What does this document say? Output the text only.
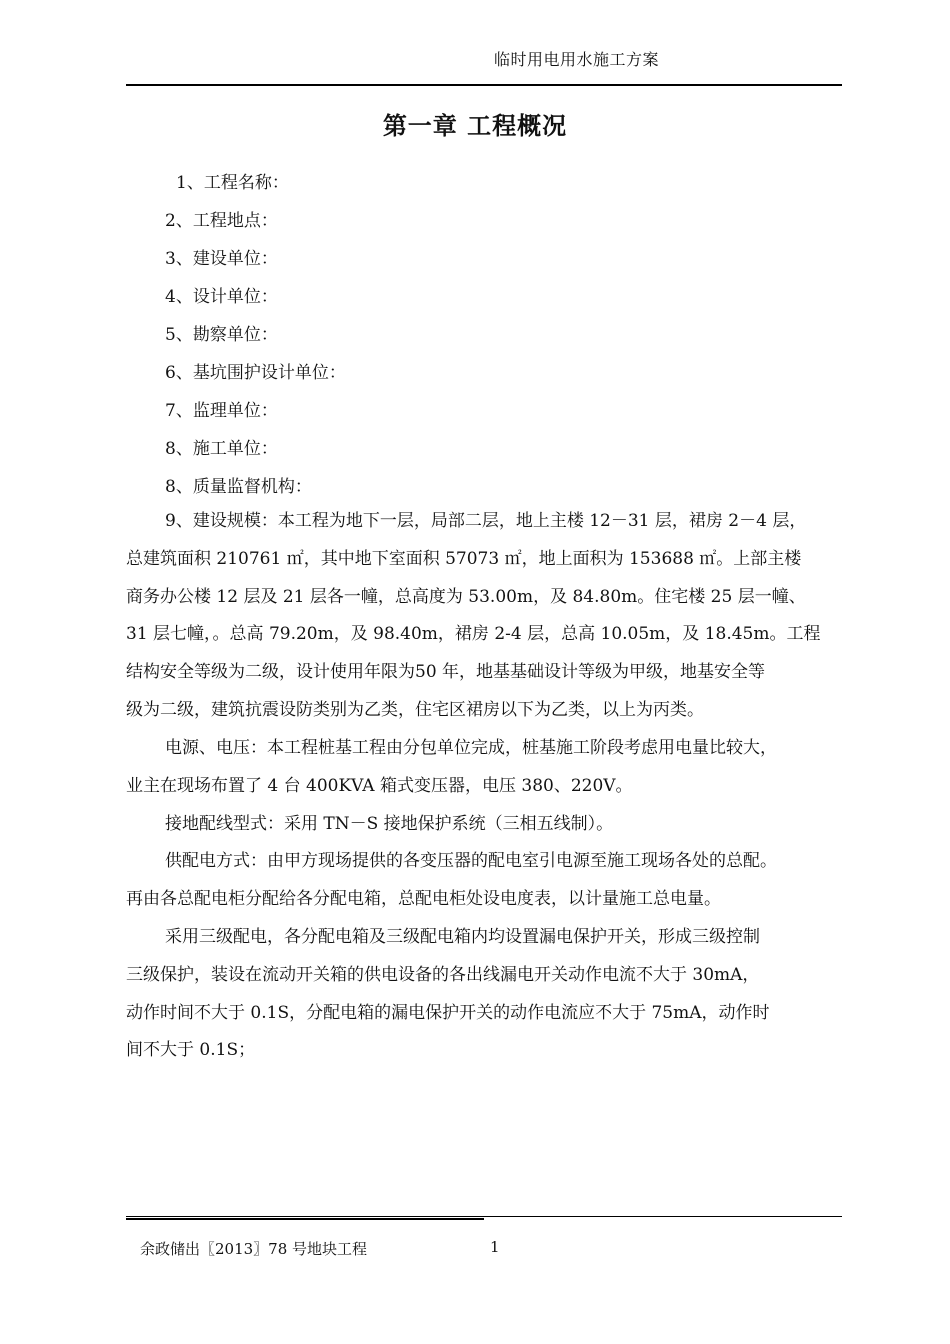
临时用电用水施工方案
第一章 工程概况
1、工程名称：
2、工程地点：
3、建设单位：
4、设计单位：
5、勘察单位：
6、基坑围护设计单位：
7、监理单位：
8、施工单位：
8、质量监督机构：
9、建设规模：本工程为地下一层，局部二层，地上主楼 12－31 层，裙房 2－4 层，
总建筑面积 210761 ㎡，其中地下室面积 57073 ㎡，地上面积为 153688 ㎡。上部主楼
商务办公楼 12 层及 21 层各一幢，总高度为 53.00m，及 84.80m。住宅楼 25 层一幢、
31 层七幢，。总高 79.20m，及 98.40m，裙房 2-4 层，总高 10.05m，及 18.45m。工程
结构安全等级为二级，设计使用年限为50 年，地基基础设计等级为甲级，地基安全等
级为二级，建筑抗震设防类别为乙类，住宅区裙房以下为乙类，以上为丙类。
电源、电压：本工程桩基工程由分包单位完成，桩基施工阶段考虑用电量比较大，
业主在现场布置了 4 台 400KVA 箱式变压器，电压 380、220V。
接地配线型式：采用 TN－S 接地保护系统（三相五线制）。
供配电方式：由甲方现场提供的各变压器的配电室引电源至施工现场各处的总配。
再由各总配电柜分配给各分配电箱，总配电柜处设电度表，以计量施工总电量。
采用三级配电，各分配电箱及三级配电箱内均设置漏电保护开关，形成三级控制
三级保护，装设在流动开关箱的供电设备的各出线漏电开关动作电流不大于 30mA，
动作时间不大于 0.1S，分配电箱的漏电保护开关的动作电流应不大于 75mA，动作时
间不大于 0.1S；
余政储出〖2013〗78 号地块工程	1
